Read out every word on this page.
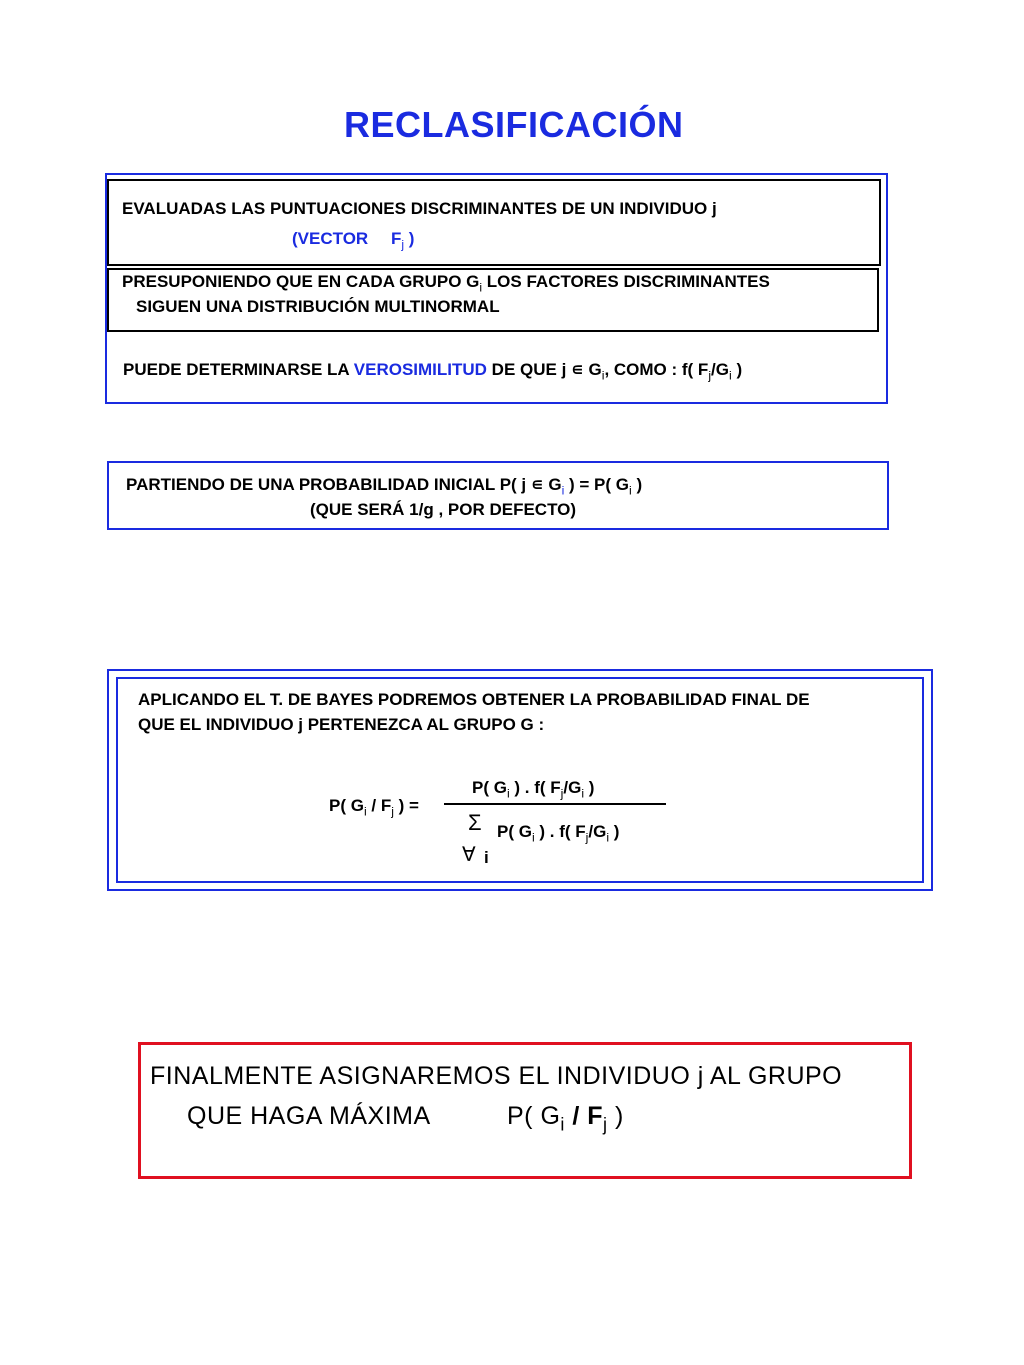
RECLASIFICACIÓN
EVALUADAS LAS PUNTUACIONES DISCRIMINANTES DE UN INDIVIDUO j
(VECTOR $F_j$ )
PRESUPONIENDO QUE EN CADA GRUPO $G_i$ LOS FACTORES DISCRIMINANTES
SIGUEN UNA DISTRIBUCIÓN MULTINORMAL
PUEDE DETERMINARSE LA VEROSIMILITUD DE QUE j ∊ $G_i$, COMO : f( $F_j/G_i$ )
PARTIENDO DE UNA PROBABILIDAD INICIAL P( j ∊ $G_i$ ) = P( $G_i$ )
(QUE SERÁ 1/g , POR DEFECTO)
APLICANDO EL T. DE BAYES PODREMOS OBTENER LA PROBABILIDAD FINAL DE
QUE EL INDIVIDUO j PERTENEZCA AL GRUPO G :
P( $G_i / F_j$ ) =
P( $G_i$ ) . f( $F_j/G_i$ )
Σ P( $G_i$ ) . f( $F_j/G_i$ )
∀ i
FINALMENTE ASIGNAREMOS EL INDIVIDUO j AL GRUPO
QUE HAGA MÁXIMA	P( $G_i / F_j$ )
